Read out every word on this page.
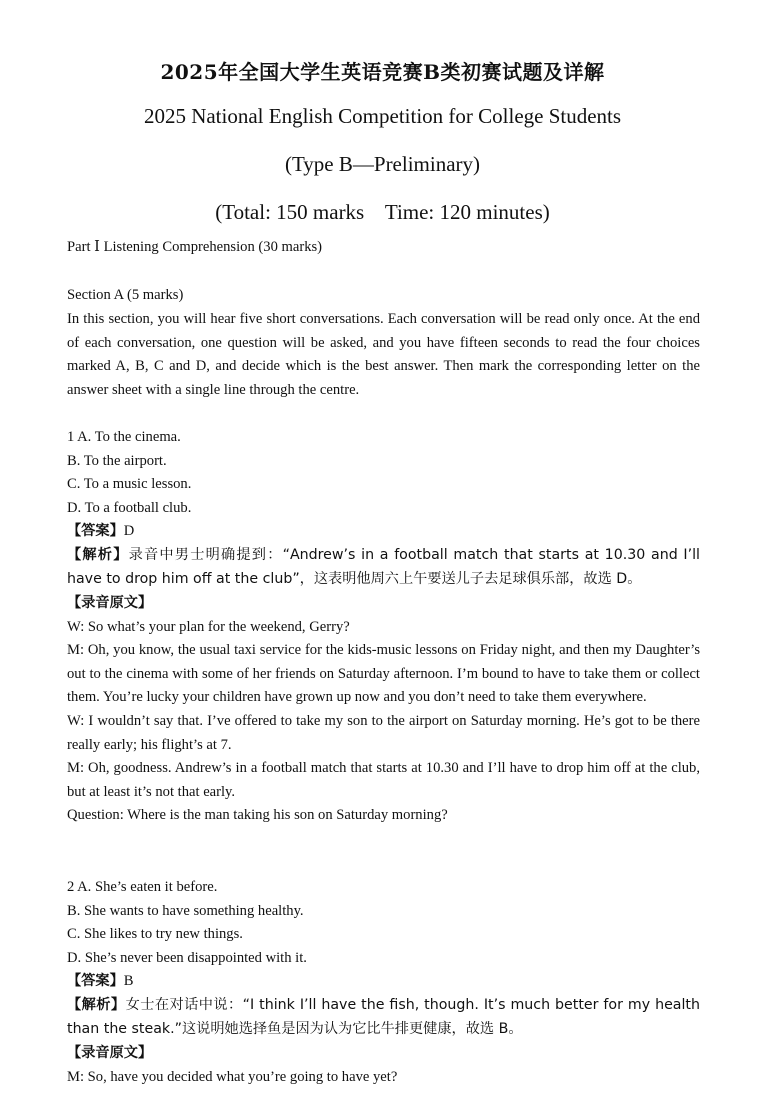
2025年全国大学生英语竞赛B类初赛试题及详解
2025 National English Competition for College Students
(Type B—Preliminary)
(Total: 150 marks    Time: 120 minutes)
Part Ⅰ Listening Comprehension (30 marks)
Section A (5 marks)
In this section, you will hear five short conversations. Each conversation will be read only once. At the end of each conversation, one question will be asked, and you have fifteen seconds to read the four choices marked A, B, C and D, and decide which is the best answer. Then mark the corresponding letter on the answer sheet with a single line through the centre.
1 A. To the cinema.
B. To the airport.
C. To a music lesson.
D. To a football club.
【答案】D
【解析】录音中男士明确提到：“Andrew’s in a football match that starts at 10.30 and I’ll have to drop him off at the club”，这表明他周六上午要送儿子去足球俱乐部，故选 D。
【录音原文】
W: So what’s your plan for the weekend, Gerry?
M: Oh, you know, the usual taxi service for the kids-music lessons on Friday night, and then my Daughter’s out to the cinema with some of her friends on Saturday afternoon. I’m bound to have to take them or collect them. You’re lucky your children have grown up now and you don’t need to take them everywhere.
W: I wouldn’t say that. I’ve offered to take my son to the airport on Saturday morning. He’s got to be there really early; his flight’s at 7.
M: Oh, goodness. Andrew’s in a football match that starts at 10.30 and I’ll have to drop him off at the club, but at least it’s not that early.
Question: Where is the man taking his son on Saturday morning?
2 A. She’s eaten it before.
B. She wants to have something healthy.
C. She likes to try new things.
D. She’s never been disappointed with it.
【答案】B
【解析】女士在对话中说：“I think I’ll have the fish, though. It’s much better for my health than the steak.”这说明她选择鱼是因为认为它比牛排更健康，故选 B。
【录音原文】
M: So, have you decided what you’re going to have yet?
